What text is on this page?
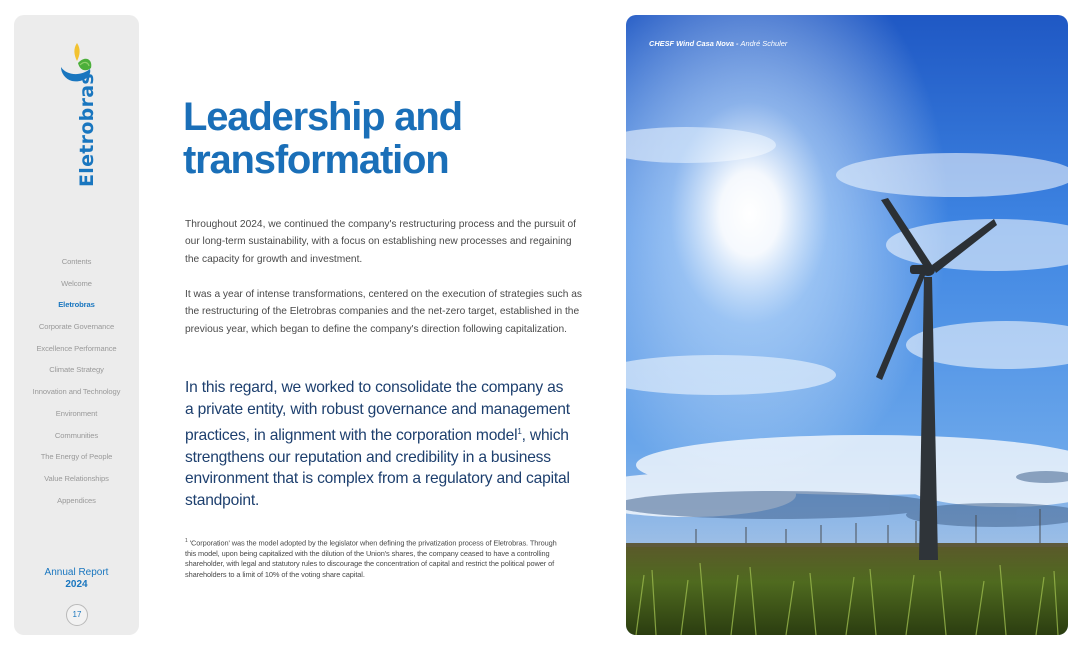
Eletrobras
Contents
Welcome
Eletrobras
Corporate Governance
Excellence Performance
Climate Strategy
Innovation and Technology
Environment
Communities
The Energy of People
Value Relationships
Appendices
Annual Report
2024
17
Leadership and
transformation

Throughout 2024, we continued the company's restructuring process and the pursuit of our long-term sustainability, with a focus on establishing new processes and regaining the capacity for growth and investment.

It was a year of intense transformations, centered on the execution of strategies such as the restructuring of the Eletrobras companies and the net-zero target, established in the previous year, which began to define the company's direction following capitalization.

In this regard, we worked to consolidate the company as a private entity, with robust governance and management practices, in alignment with the corporation model$^1$, which strengthens our reputation and credibility in a business environment that is complex from a regulatory and capital standpoint.

$^1$ 'Corporation' was the model adopted by the legislator when defining the privatization process of Eletrobras. Through this model, upon being capitalized with the dilution of the Union's shares, the company ceased to have a controlling shareholder, with legal and statutory rules to discourage the concentration of capital and restrict the political power of shareholders to a limit of 10% of the voting share capital.

CHESF Wind Casa Nova - André Schuler
